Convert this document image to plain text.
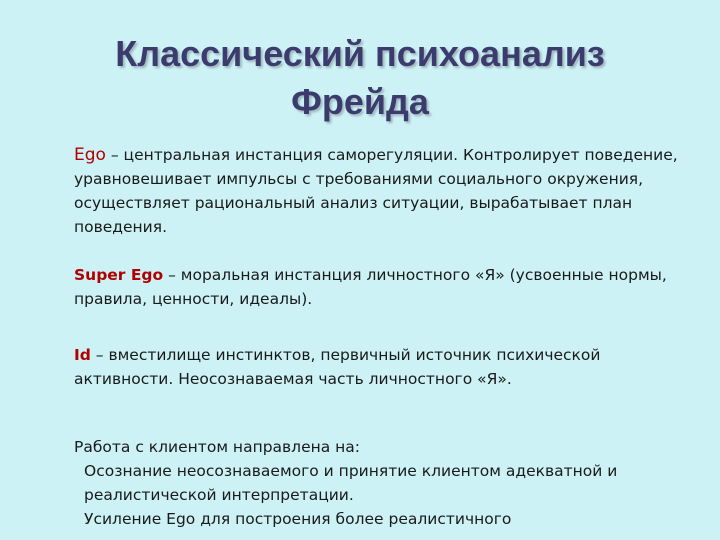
Классический психоанализ
Фрейда

Ego – центральная инстанция саморегуляции. Контролирует поведение, уравновешивает импульсы с требованиями социального окружения, осуществляет рациональный анализ ситуации, вырабатывает план поведения.

Super Ego – моральная инстанция личностного «Я» (усвоенные нормы, правила, ценности, идеалы).

Id – вместилище инстинктов, первичный источник психической активности. Неосознаваемая часть личностного «Я».

Работа с клиентом направлена на:
Осознание неосознаваемого и принятие клиентом адекватной и реалистической интерпретации.
Усиление Ego для построения более реалистичного
